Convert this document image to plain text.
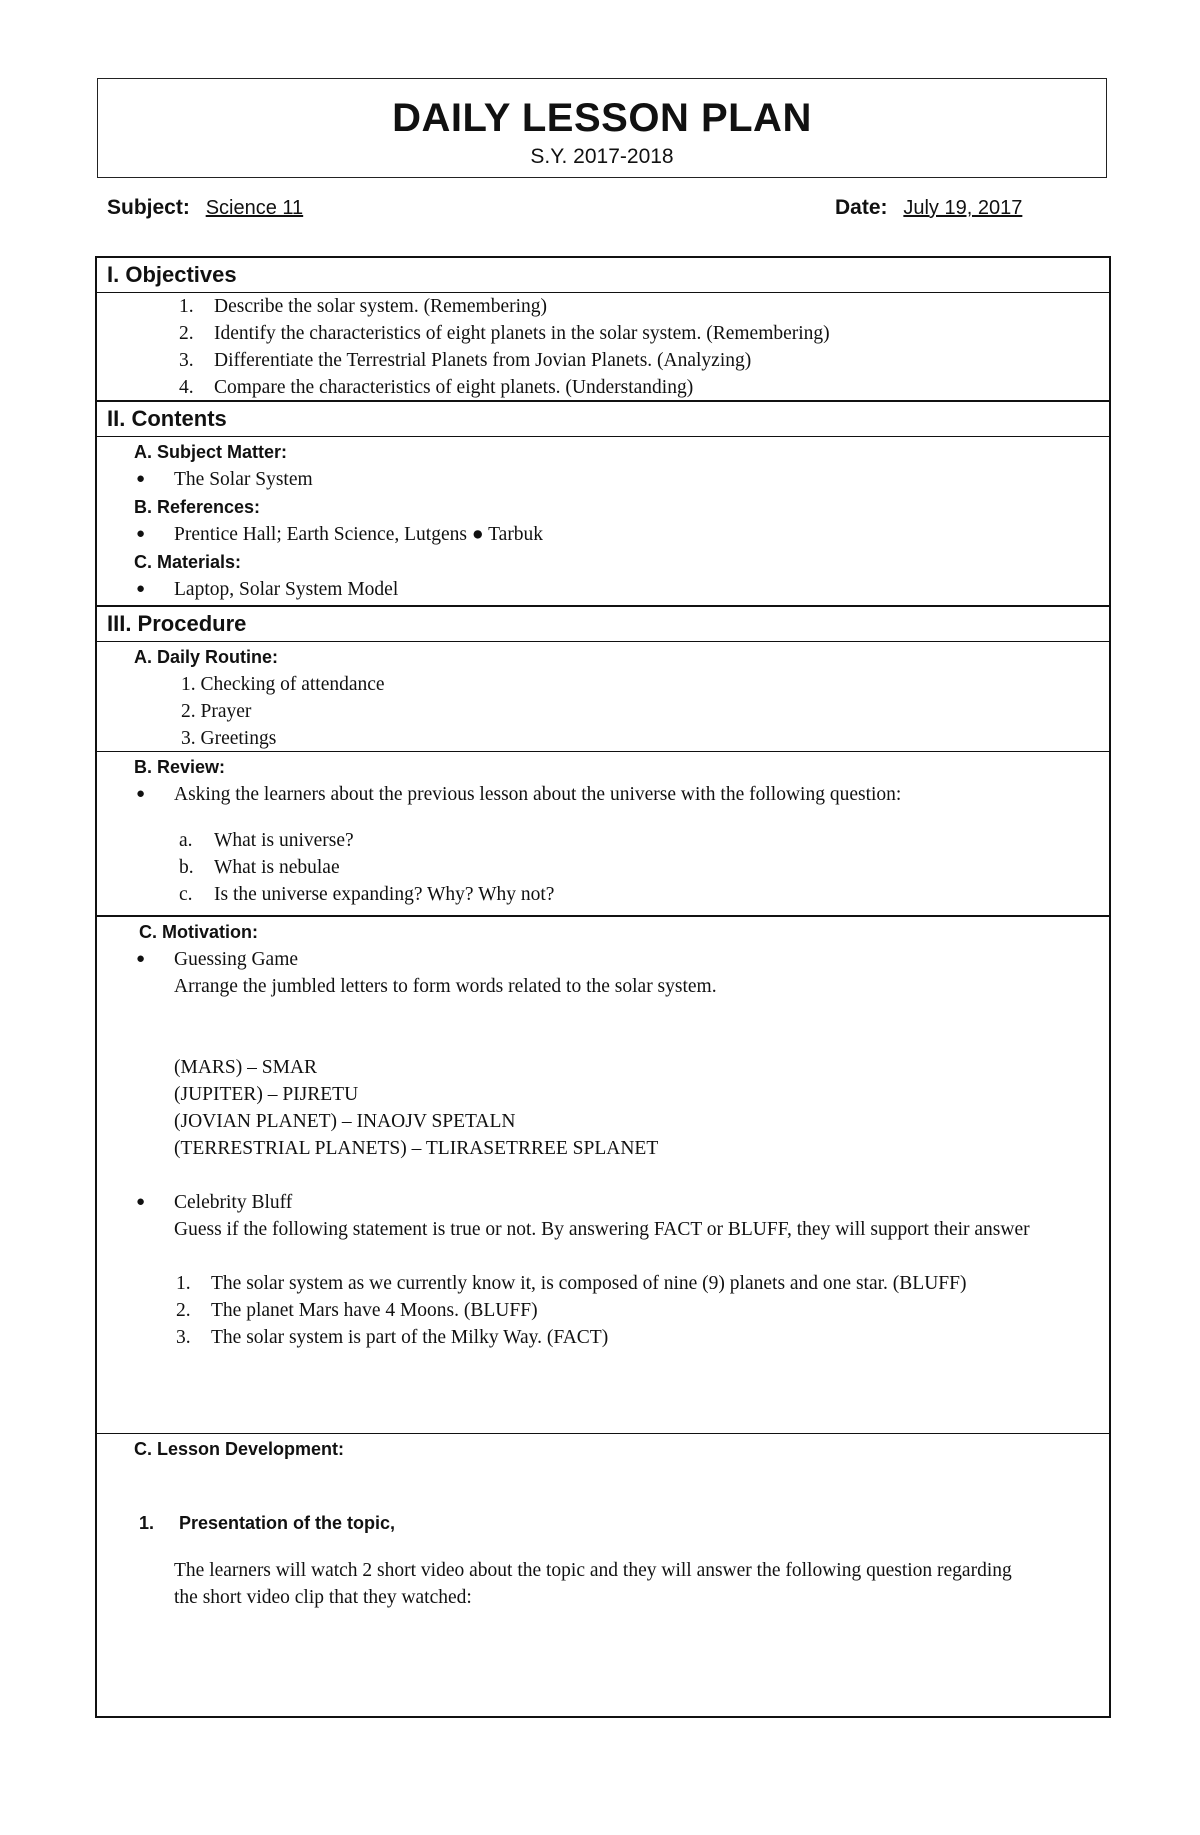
DAILY LESSON PLAN
S.Y. 2017-2018
Subject: Science 11	Date: July 19, 2017
I. Objectives
1. Describe the solar system. (Remembering)
2. Identify the characteristics of eight planets in the solar system. (Remembering)
3. Differentiate the Terrestrial Planets from Jovian Planets. (Analyzing)
4. Compare the characteristics of eight planets. (Understanding)
II. Contents
A. Subject Matter:
● The Solar System
B. References:
● Prentice Hall; Earth Science, Lutgens ● Tarbuk
C. Materials:
● Laptop, Solar System Model
III. Procedure
A. Daily Routine:
1. Checking of attendance
2. Prayer
3. Greetings
B. Review:
● Asking the learners about the previous lesson about the universe with the following question:
a. What is universe?
b. What is nebulae
c. Is the universe expanding? Why? Why not?
C. Motivation:
● Guessing Game
Arrange the jumbled letters to form words related to the solar system.
(MARS) – SMAR
(JUPITER) – PIJRETU
(JOVIAN PLANET) – INAOJV SPETALN
(TERRESTRIAL PLANETS) – TLIRASETRREE SPLANET
● Celebrity Bluff
Guess if the following statement is true or not. By answering FACT or BLUFF, they will support their answer
1. The solar system as we currently know it, is composed of nine (9) planets and one star. (BLUFF)
2. The planet Mars have 4 Moons. (BLUFF)
3. The solar system is part of the Milky Way. (FACT)
C. Lesson Development:
1. Presentation of the topic,
The learners will watch 2 short video about the topic and they will answer the following question regarding the short video clip that they watched:
